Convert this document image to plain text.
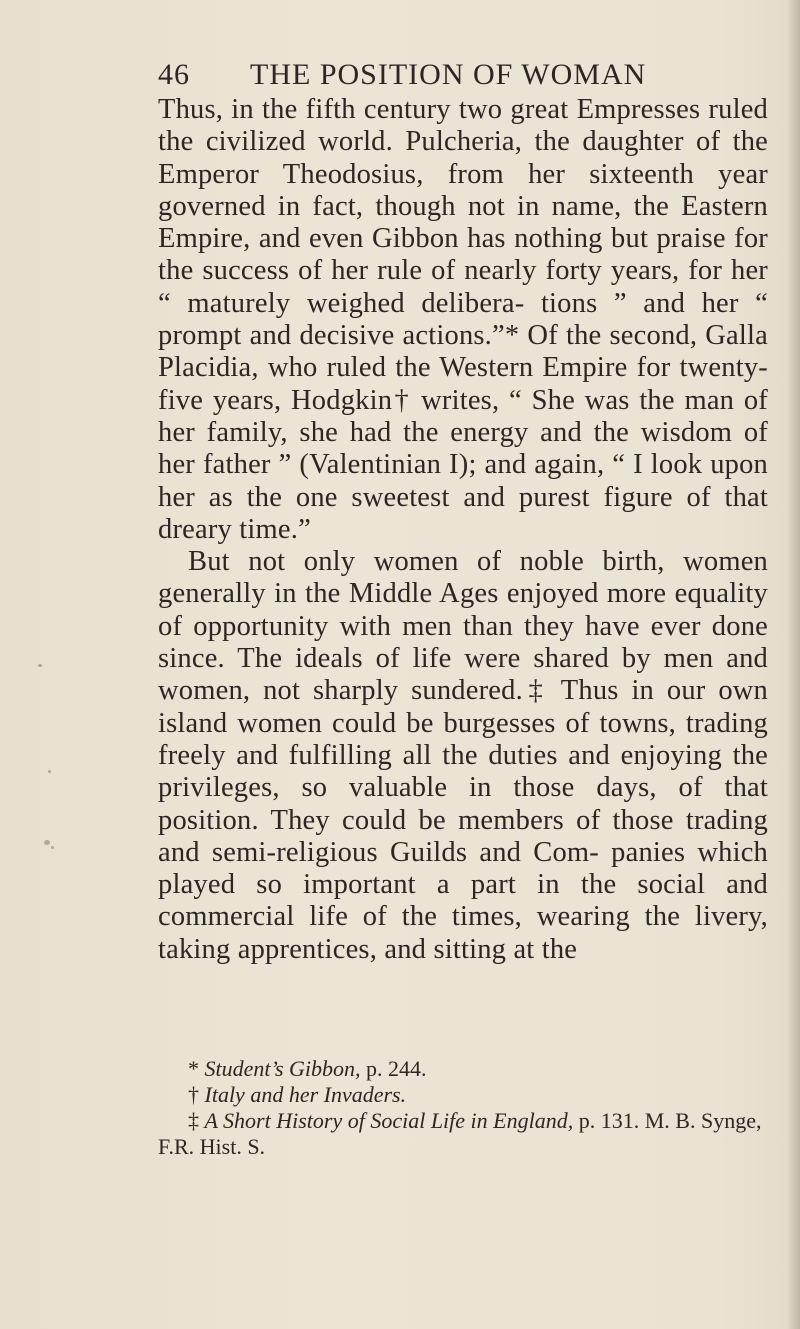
46 THE POSITION OF WOMAN

Thus, in the fifth century two great Empresses ruled the civilized world. Pulcheria, the daughter of the Emperor Theodosius, from her sixteenth year governed in fact, though not in name, the Eastern Empire, and even Gibbon has nothing but praise for the success of her rule of nearly forty years, for her “ maturely weighed delibera- tions ” and her “ prompt and decisive actions.”* Of the second, Galla Placidia, who ruled the Western Empire for twenty-five years, Hodgkin† writes, “ She was the man of her family, she had the energy and the wisdom of her father ” (Valentinian I); and again, “ I look upon her as the one sweetest and purest figure of that dreary time.”

But not only women of noble birth, women generally in the Middle Ages enjoyed more equality of opportunity with men than they have ever done since. The ideals of life were shared by men and women, not sharply sundered.‡ Thus in our own island women could be burgesses of towns, trading freely and fulfilling all the duties and enjoying the privileges, so valuable in those days, of that position. They could be members of those trading and semi-religious Guilds and Com- panies which played so important a part in the social and commercial life of the times, wearing the livery, taking apprentices, and sitting at the

* Student’s Gibbon, p. 244.

† Italy and her Invaders.

‡ A Short History of Social Life in England, p. 131. M. B. Synge, F.R. Hist. S.
